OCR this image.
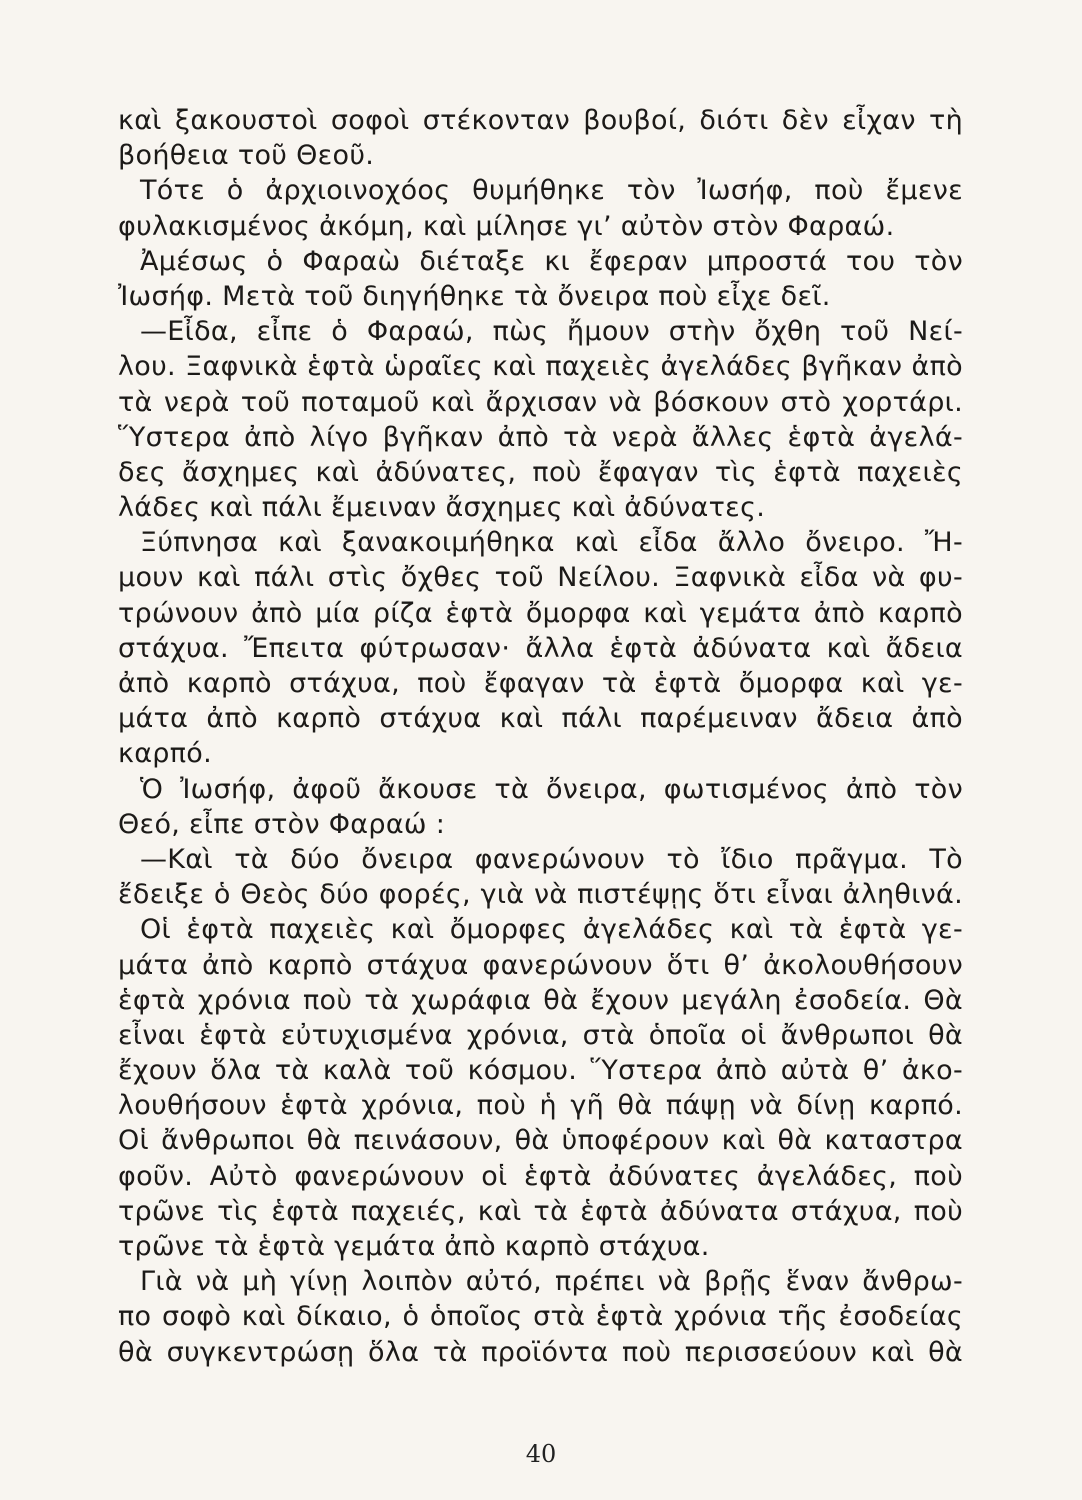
καὶ ξακουστοὶ σοφοὶ στέκονταν βουβοί, διότι δὲν εἶχαν τὴ
βοήθεια τοῦ Θεοῦ.
Τότε ὁ ἀρχιοινοχόος θυμήθηκε τὸν Ἰωσήφ, ποὺ ἔμενε
φυλακισμένος ἀκόμη, καὶ μίλησε γι’ αὐτὸν στὸν Φαραώ.
Ἀμέσως ὁ Φαραὼ διέταξε κι ἔφεραν μπροστά του τὸν
Ἰωσήφ. Μετὰ τοῦ διηγήθηκε τὰ ὄνειρα ποὺ εἶχε δεῖ.
—Εἶδα, εἶπε ὁ Φαραώ, πὼς ἤμουν στὴν ὄχθη τοῦ Νεί-
λου. Ξαφνικὰ ἑφτὰ ὡραῖες καὶ παχειὲς ἀγελάδες βγῆκαν ἀπὸ
τὰ νερὰ τοῦ ποταμοῦ καὶ ἄρχισαν νὰ βόσκουν στὸ χορτάρι.
Ὕστερα ἀπὸ λίγο βγῆκαν ἀπὸ τὰ νερὰ ἄλλες ἑφτὰ ἀγελά-
δες ἄσχημες καὶ ἀδύνατες, ποὺ ἔφαγαν τὶς ἑφτὰ παχειὲς
λάδες καὶ πάλι ἔμειναν ἄσχημες καὶ ἀδύνατες.
Ξύπνησα καὶ ξανακοιμήθηκα καὶ εἶδα ἄλλο ὄνειρο. Ἤ-
μουν καὶ πάλι στὶς ὄχθες τοῦ Νείλου. Ξαφνικὰ εἶδα νὰ φυ-
τρώνουν ἀπὸ μία ρίζα ἑφτὰ ὄμορφα καὶ γεμάτα ἀπὸ καρπὸ
στάχυα. Ἔπειτα φύτρωσαν· ἄλλα ἑφτὰ ἀδύνατα καὶ ἄδεια
ἀπὸ καρπὸ στάχυα, ποὺ ἔφαγαν τὰ ἑφτὰ ὄμορφα καὶ γε-
μάτα ἀπὸ καρπὸ στάχυα καὶ πάλι παρέμειναν ἄδεια ἀπὸ
καρπό.
Ὁ Ἰωσήφ, ἀφοῦ ἄκουσε τὰ ὄνειρα, φωτισμένος ἀπὸ τὸν
Θεό, εἶπε στὸν Φαραώ :
—Καὶ τὰ δύο ὄνειρα φανερώνουν τὸ ἴδιο πρᾶγμα. Τὸ
ἔδειξε ὁ Θεὸς δύο φορές, γιὰ νὰ πιστέψῃς ὅτι εἶναι ἀληθινά.
Οἱ ἑφτὰ παχειὲς καὶ ὄμορφες ἀγελάδες καὶ τὰ ἑφτὰ γε-
μάτα ἀπὸ καρπὸ στάχυα φανερώνουν ὅτι θ’ ἀκολουθήσουν
ἑφτὰ χρόνια ποὺ τὰ χωράφια θὰ ἔχουν μεγάλη ἐσοδεία. Θὰ
εἶναι ἑφτὰ εὐτυχισμένα χρόνια, στὰ ὁποῖα οἱ ἄνθρωποι θὰ
ἔχουν ὅλα τὰ καλὰ τοῦ κόσμου. Ὕστερα ἀπὸ αὐτὰ θ’ ἀκο-
λουθήσουν ἑφτὰ χρόνια, ποὺ ἡ γῆ θὰ πάψῃ νὰ δίνῃ καρπό.
Οἱ ἄνθρωποι θὰ πεινάσουν, θὰ ὑποφέρουν καὶ θὰ καταστρα
φοῦν. Αὐτὸ φανερώνουν οἱ ἑφτὰ ἀδύνατες ἀγελάδες, ποὺ
τρῶνε τὶς ἑφτὰ παχειές, καὶ τὰ ἑφτὰ ἀδύνατα στάχυα, ποὺ
τρῶνε τὰ ἑφτὰ γεμάτα ἀπὸ καρπὸ στάχυα.
Γιὰ νὰ μὴ γίνῃ λοιπὸν αὐτό, πρέπει νὰ βρῇς ἕναν ἄνθρω-
πο σοφὸ καὶ δίκαιο, ὁ ὁποῖος στὰ ἑφτὰ χρόνια τῆς ἐσοδείας
θὰ συγκεντρώσῃ ὅλα τὰ προϊόντα ποὺ περισσεύουν καὶ θὰ
40
